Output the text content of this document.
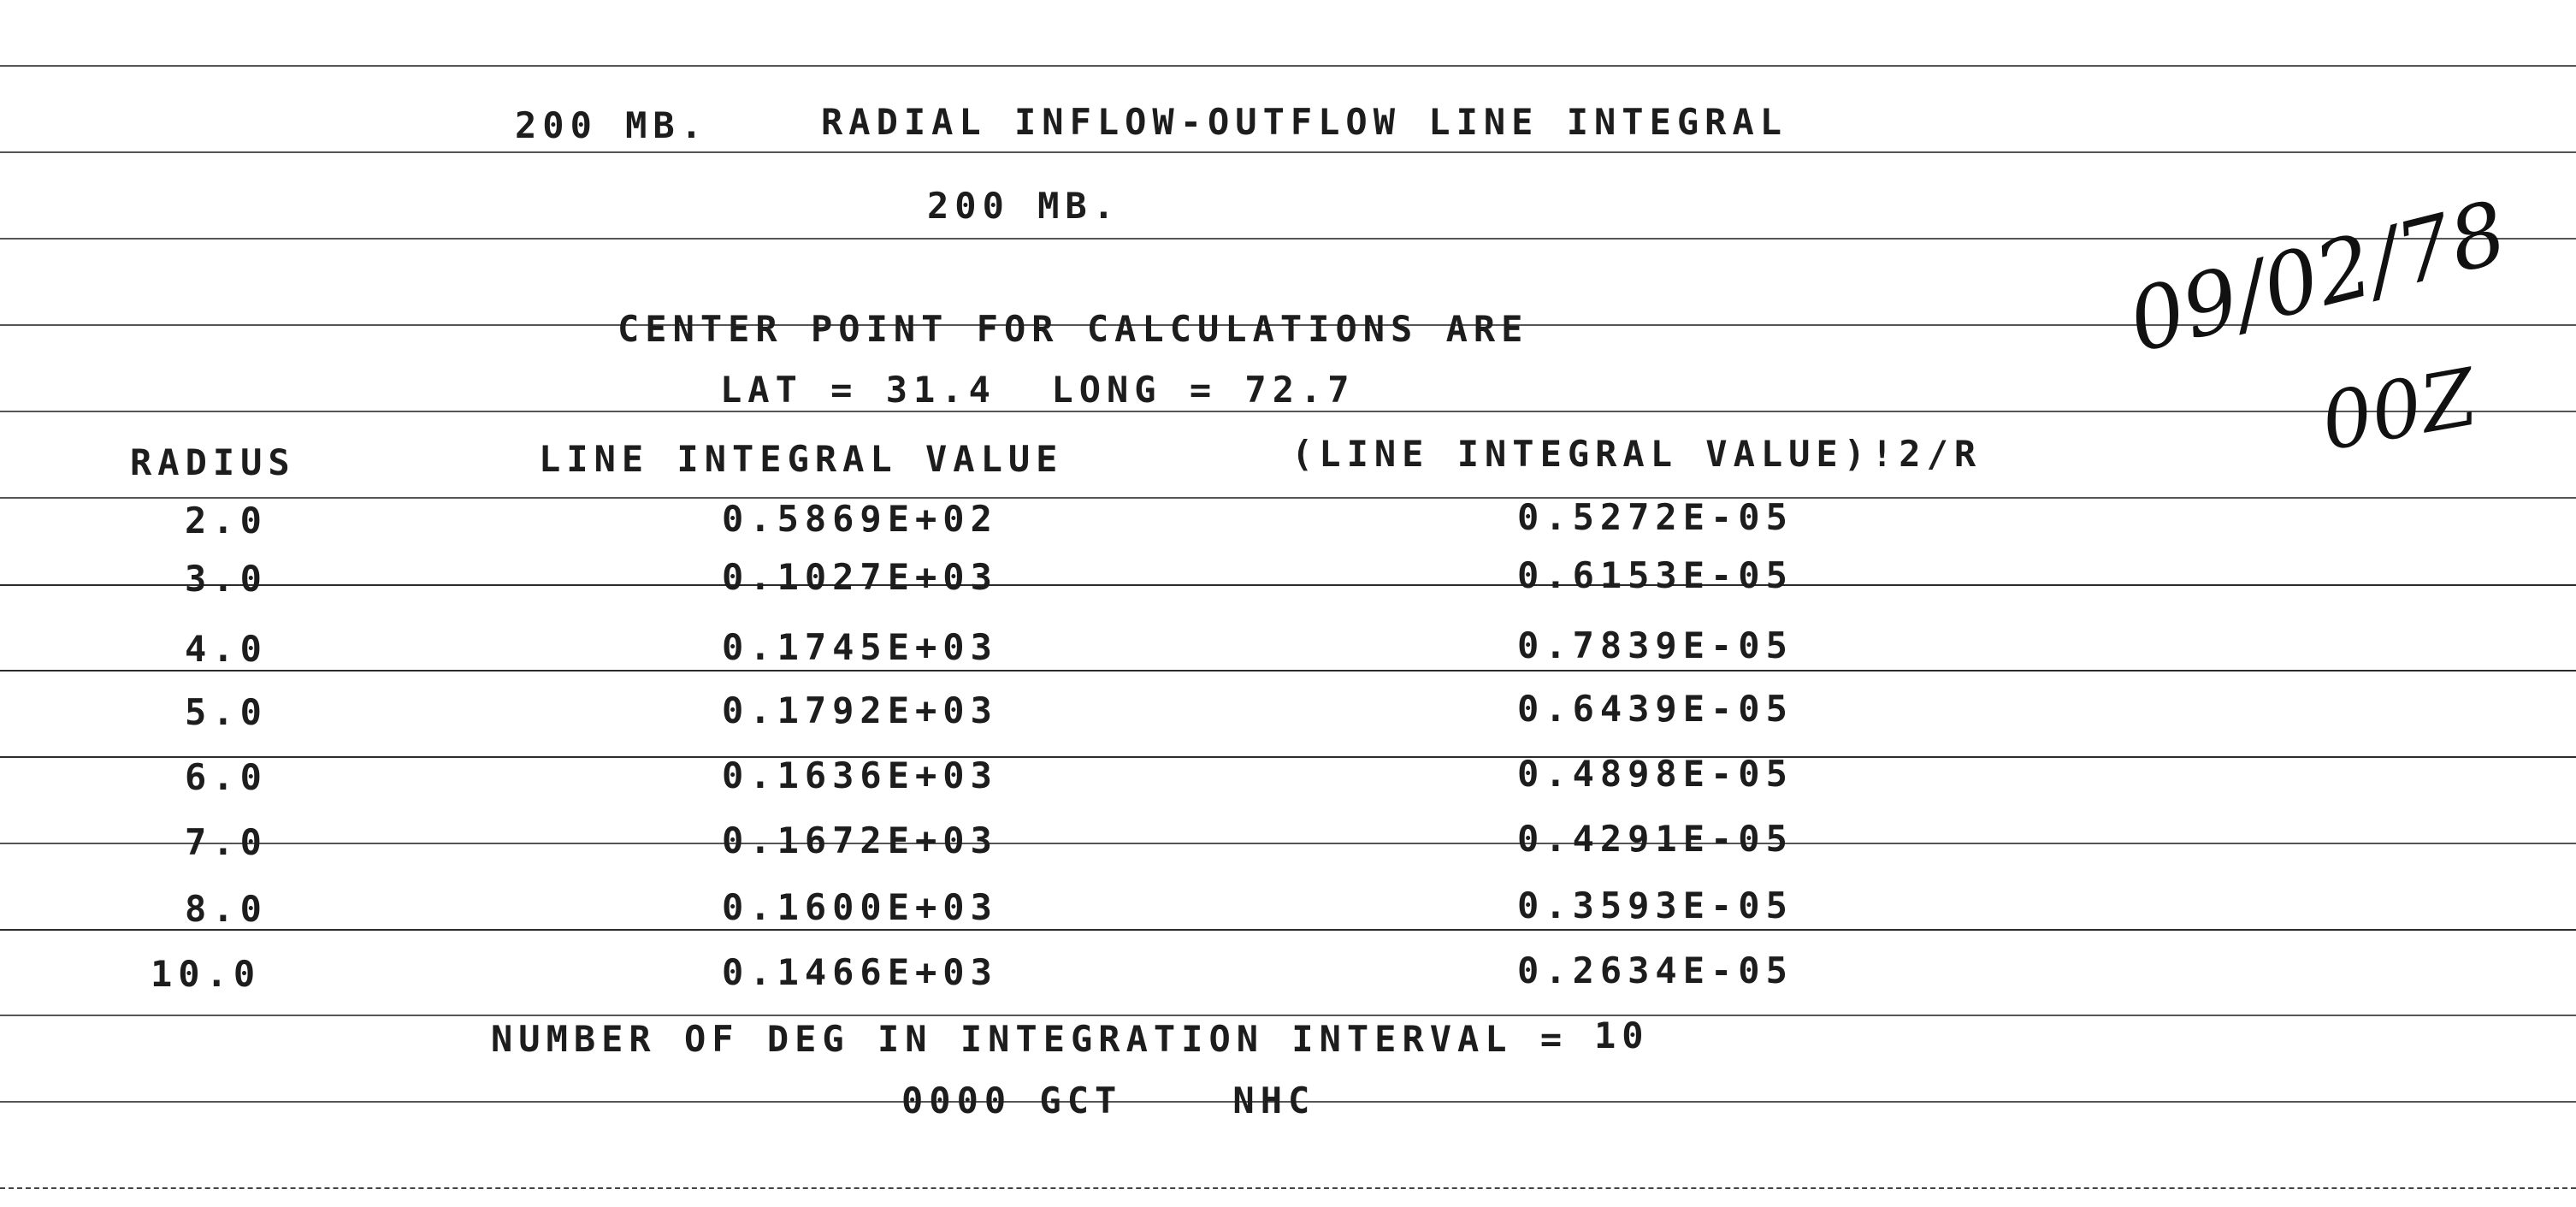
200 MB.	RADIAL INFLOW-OUTFLOW LINE INTEGRAL
200 MB.
CENTER POINT FOR CALCULATIONS ARE
LAT = 31.4  LONG = 72.7
09/02/78
00Z
RADIUS	LINE INTEGRAL VALUE	(LINE INTEGRAL VALUE)!2/R
2.0	0.5869E+02	0.5272E-05
3.0	0.1027E+03	0.6153E-05
4.0	0.1745E+03	0.7839E-05
5.0	0.1792E+03	0.6439E-05
6.0	0.1636E+03	0.4898E-05
7.0	0.1672E+03	0.4291E-05
8.0	0.1600E+03	0.3593E-05
10.0	0.1466E+03	0.2634E-05
NUMBER OF DEG IN INTEGRATION INTERVAL = 10
0000 GCT    NHC
